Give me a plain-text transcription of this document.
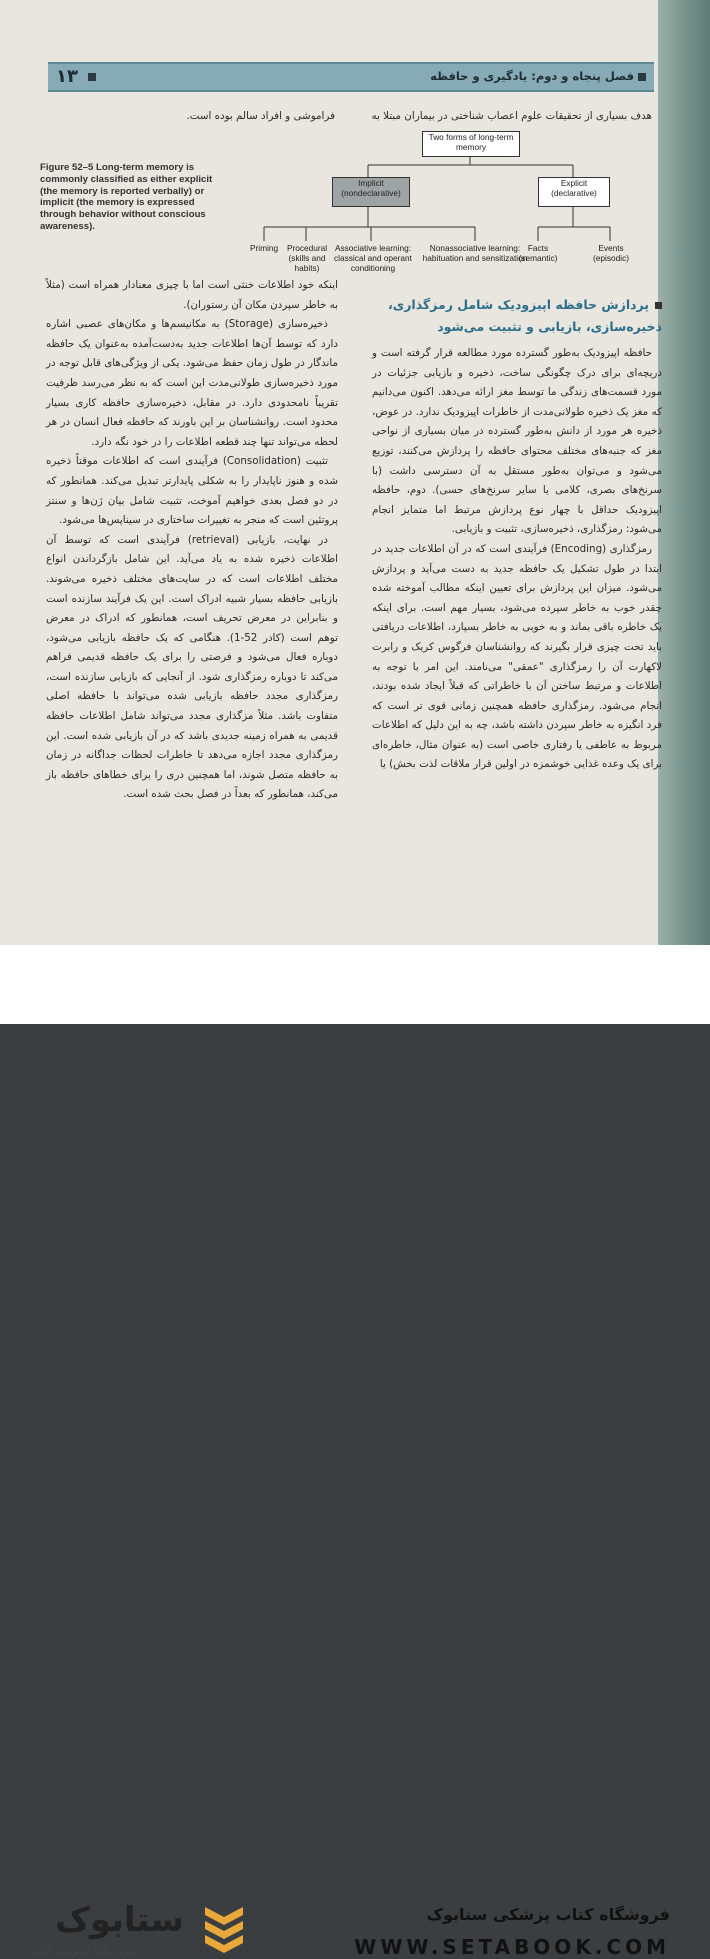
۱۳	فصل پنجاه و دوم: یادگیری و حافظه
هدف بسیاری از تحقیقات علوم اعصاب شناختی در بیماران مبتلا به
فراموشی و افراد سالم بوده است.
Figure 52–5 Long-term memory is commonly classified as either explicit (the memory is reported verbally) or implicit (the memory is expressed through behavior without conscious awareness).
Two forms of long-term memory
Implicit (nondeclarative)
Explicit (declarative)
Priming	Procedural (skills and habits)
Associative learning: classical and operant conditioning
Nonassociative learning: habituation and sensitization
Facts (semantic)
Events (episodic)
پردازش حافظه اپیزودیک شامل رمزگذاری،
ذخیره‌سازی، بازیابی و تثبیت می‌شود

حافظه اپیزودیک به‌طور گسترده مورد مطالعه قرار گرفته است و دریچه‌ای برای درک چگونگی ساخت، ذخیره و بازیابی جزئیات در مورد قسمت‌های زندگی ما توسط مغز ارائه می‌دهد. اکنون می‌دانیم که مغز یک ذخیره طولانی‌مدت از خاطرات اپیزودیک ندارد. در عوض، ذخیره هر مورد از دانش به‌طور گسترده در میان بسیاری از نواحی مغز که جنبه‌های مختلف محتوای حافظه را پردازش می‌کنند، توزیع می‌شود و می‌توان به‌طور مستقل به آن دسترسی داشت (با سرنخ‌های بصری، کلامی یا سایر سرنخ‌های حسی). دوم، حافظه اپیزودیک حداقل با چهار نوع پردازش مرتبط اما متمایز انجام می‌شود: رمزگذاری، ذخیره‌سازی، تثبیت و بازیابی.

رمزگذاری (Encoding) فرآیندی است که در آن اطلاعات جدید در ابتدا در طول تشکیل یک حافظه جدید به دست می‌آید و پردازش می‌شود. میزان این پردازش برای تعیین اینکه مطالب آموخته شده چقدر خوب به خاطر سپرده می‌شود، بسیار مهم است. برای اینکه یک خاطره باقی بماند و به خوبی به خاطر بسپارد، اطلاعات دریافتی باید تحت چیزی قرار بگیرند که روانشناسان فرگوس کریک و رابرت لاکهارت آن را رمزگذاری "عمقی" می‌نامند. این امر با توجه به اطلاعات و مرتبط ساختن آن با خاطراتی که قبلاً ایجاد شده بودند، انجام می‌شود. رمزگذاری حافظه همچنین زمانی قوی تر است که فرد انگیزه به خاطر سپردن داشته باشد، چه به این دلیل که اطلاعات مربوط به عاطفی یا رفتاری خاصی است (به عنوان مثال، خاطره‌ای برای یک وعده غذایی خوشمزه در اولین قرار ملاقات لذت بخش) یا

اینکه خود اطلاعات خنثی است اما با چیزی معنادار همراه است (مثلاً به خاطر سپردن مکان آن رستوران).

ذخیره‌سازی (Storage) به مکانیسم‌ها و مکان‌های عصبی اشاره دارد که توسط آن‌ها اطلاعات جدید به‌دست‌آمده به‌عنوان یک حافظه ماندگار در طول زمان حفظ می‌شود. یکی از ویژگی‌های قابل توجه در مورد ذخیره‌سازی طولانی‌مدت این است که به نظر می‌رسد ظرفیت تقریباً نامحدودی دارد. در مقابل، ذخیره‌سازی حافظه کاری بسیار محدود است. روانشناسان بر این باورند که حافظه فعال انسان در هر لحظه می‌تواند تنها چند قطعه اطلاعات را در خود نگه دارد.

تثبیت (Consolidation) فرآیندی است که اطلاعات موقتاً ذخیره شده و هنوز ناپایدار را به شکلی پایدارتر تبدیل می‌کند. همانطور که در دو فصل بعدی خواهیم آموخت، تثبیت شامل بیان ژن‌ها و سنتز پروتئین است که منجر به تغییرات ساختاری در سیناپس‌ها می‌شود.

در نهایت، بازیابی (retrieval) فرآیندی است که توسط آن اطلاعات ذخیره شده به یاد می‌آید. این شامل بازگرداندن انواع مختلف اطلاعات است که در سایت‌های مختلف ذخیره می‌شوند. بازیابی حافظه بسیار شبیه ادراک است. این یک فرآیند سازنده است و بنابراین در معرض تحریف است، همانطور که ادراک در معرض توهم است (کادر 52-1). هنگامی که یک حافظه بازیابی می‌شود، دوباره فعال می‌شود و فرصتی را برای یک حافظه قدیمی فراهم می‌کند تا دوباره رمزگذاری شود. از آنجایی که بازیابی سازنده است، رمزگذاری مجدد حافظه بازیابی شده می‌تواند با حافظه اصلی متفاوت باشد. مثلاً مزگذاری مجدد می‌تواند شامل اطلاعات حافظه قدیمی به همراه زمینه جدیدی باشد که در آن بازیابی شده است. این رمزگذاری مجدد اجازه می‌دهد تا خاطرات لحظات جداگانه در زمان به حافظه متصل شوند، اما همچنین دری را برای خطاهای حافظه باز می‌کند، همانطور که بعداً در فصل بحث شده است.

ستابوک
فروشگاه اینترنتی کتاب
فروشگاه کتاب پزشکی ستابوک
WWW.SETABOOK.COM
